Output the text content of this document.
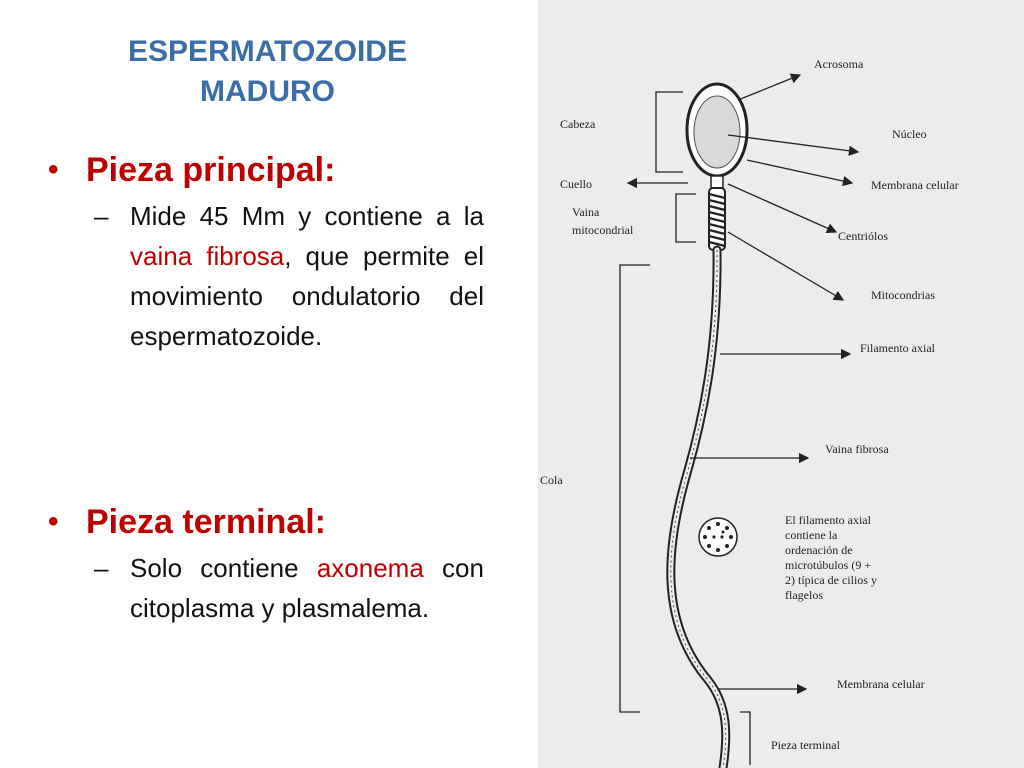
ESPERMATOZOIDE
MADURO
• Pieza principal:
– Mide 45 Mm y contiene a la vaina fibrosa, que permite el movimiento ondulatorio del espermatozoide.
• Pieza terminal:
– Solo contiene axonema con citoplasma y plasmalema.
Acrosoma
Cabeza
Núcleo
Cuello	Membrana celular
Vaina
mitocondrial	Centriólos
Mitocondrias
Filamento axial
Vaina fibrosa
Cola
El filamento axial
contiene la
ordenación de
microtúbulos (9 +
2) típica de cilios y
flagelos
Membrana celular
Pieza terminal
